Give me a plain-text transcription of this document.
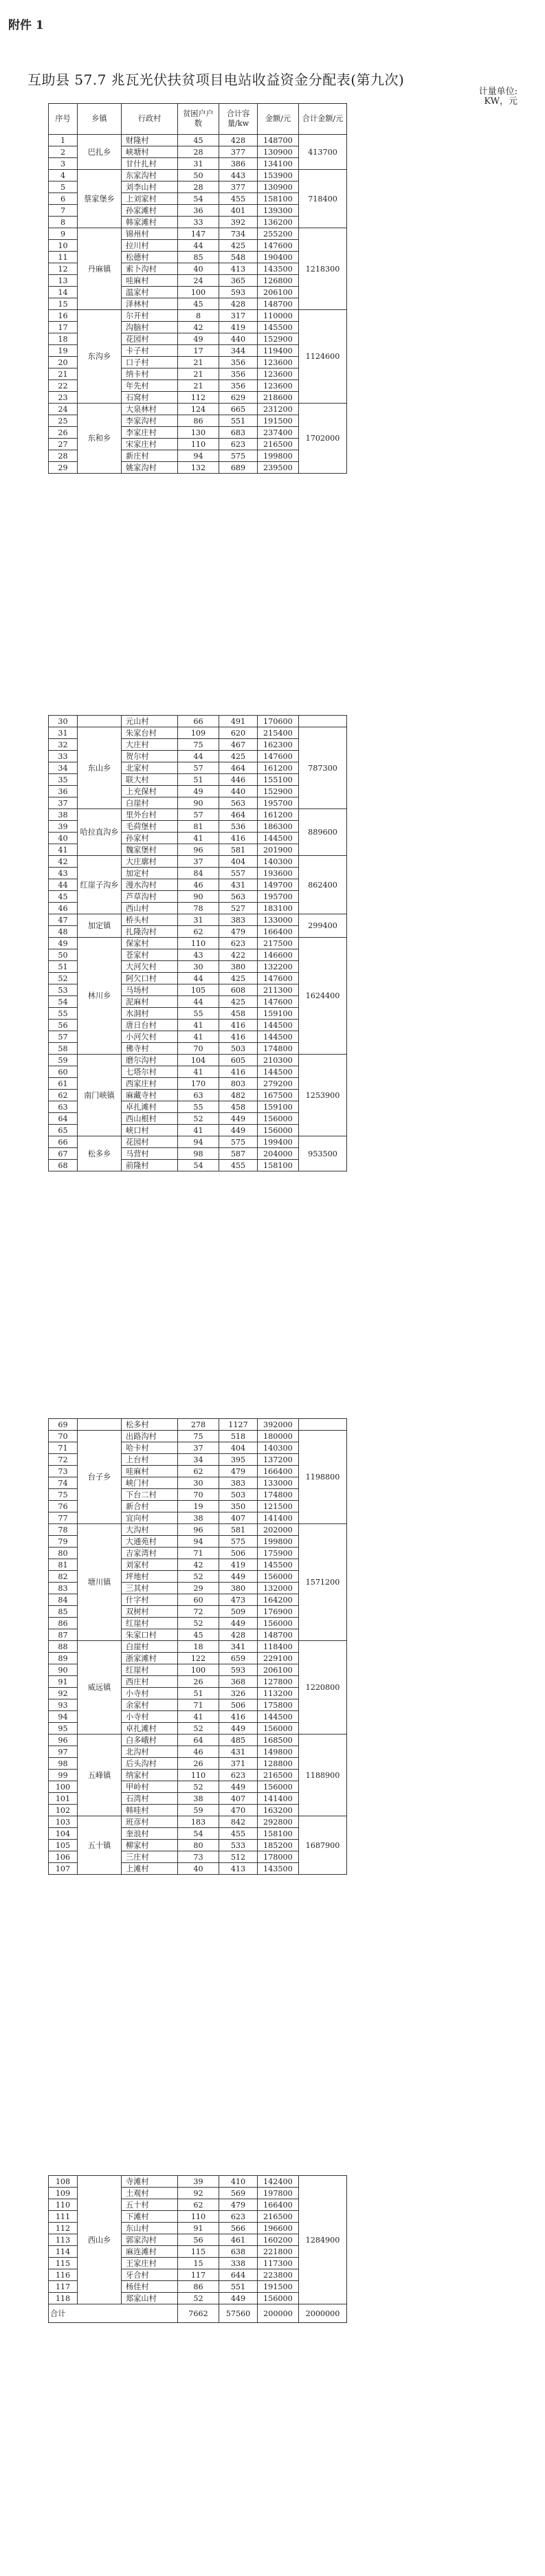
附件 1
互助县 57.7 兆瓦光伏扶贫项目电站收益资金分配表(第九次)
计量单位:
KW，元
序号	乡镇	行政村	贫困户户数	合计容量/kw	金额/元	合计金额/元
1	巴扎乡	财隆村	45	428	148700	413700
2		峡塘村	28	377	130900	
3		甘什扎村	31	386	134100	
4	蔡家堡乡	东家沟村	50	443	153900	718400
5		刘李山村	28	377	130900	
6		上刘家村	54	455	158100	
7		孙家滩村	36	401	139300	
8		韩家滩村	33	392	136200	
9	丹麻镇	锦州村	147	734	255200	1218300
10		拉川村	44	425	147600	
11		松德村	85	548	190400	
12		索卜沟村	40	413	143500	
13		哇麻村	24	365	126800	
14		温家村	100	593	206100	
15		泽林村	45	428	148700	
16	东沟乡	尔开村	8	317	110000	1124600
17		沟脑村	42	419	145500	
18		花园村	49	440	152900	
19		卡子村	17	344	119400	
20		口子村	21	356	123600	
21		纳卡村	21	356	123600	
22		年先村	21	356	123600	
23		石窝村	112	629	218600	
24	东和乡	大泉林村	124	665	231200	1702000
25		李家沟村	86	551	191500	
26		李家庄村	130	683	237400	
27		宋家庄村	110	623	216500	
28		新庄村	94	575	199800	
29		姚家沟村	132	689	239500	
30		元山村	66	491	170600	
31	东山乡	朱家台村	109	620	215400	787300
32		大庄村	75	467	162300	
33		贺尔村	44	425	147600	
34		北家村	57	464	161200	
35		联大村	51	446	155100	
36		上充保村	49	440	152900	
37		白崖村	90	563	195700	
38	哈拉直沟乡	里外台村	57	464	161200	889600
39		毛荷堡村	81	536	186300	
40		孙家村	41	416	144500	
41		魏家堡村	96	581	201900	
42	红崖子沟乡	大庄廓村	37	404	140300	862400
43		加定村	84	557	193600	
44		漫水沟村	46	431	149700	
45		芦草沟村	90	563	195700	
46		西山村	78	527	183100	
47	加定镇	桥头村	31	383	133000	299400
48		扎隆沟村	62	479	166400	
49	林川乡	保家村	110	623	217500	1624400
50		苍家村	43	422	146600	
51		大河欠村	30	380	132200	
52		阿欠口村	44	425	147600	
53		马场村	105	608	211300	
54		泥麻村	44	425	147600	
55		水洞村	55	458	159100	
56		唐日台村	41	416	144500	
57		小河欠村	41	416	144500	
58		佛寺村	70	503	174800	
59	南门峡镇	磨尔沟村	104	605	210300	1253900
60		七塔尔村	41	416	144500	
61		西家庄村	170	803	279200	
62		麻藏寺村	63	482	167500	
63		卓扎滩村	55	458	159100	
64		西山根村	52	449	156000	
65		峡口村	41	449	156000	
66	松多乡	花园村	94	575	199400	953500
67		马营村	98	587	204000	
68		前隆村	54	455	158100	
69		松多村	278	1127	392000	
70	台子乡	出路沟村	75	518	180000	1198800
71		哈卡村	37	404	140300	
72		上台村	34	395	137200	
73		哇麻村	62	479	166400	
74		峡门村	30	383	133000	
75		下台二村	70	503	174800	
76		新合村	19	350	121500	
77		宜向村	38	407	141400	
78	塘川镇	大沟村	96	581	202000	1571200
79		大通苑村	94	575	199800	
80		吉家湾村	71	506	175900	
81		刘家村	42	419	145500	
82		坪地村	52	449	156000	
83		三其村	29	380	132000	
84		什字村	60	473	164200	
85		双树村	72	509	176900	
86		红崖村	52	449	156000	
87		朱家口村	45	428	148700	
88	威远镇	白崖村	18	341	118400	1220800
89		浙家滩村	122	659	229100	
90		红崖村	100	593	206100	
91		西庄村	26	368	127800	
92		小寺村	51	326	113200	
93		余家村	71	506	175800	
94		小寺村	41	416	144500	
95		卓扎滩村	52	449	156000	
96	五峰镇	白多峨村	64	485	168500	1188900
97		北沟村	46	431	149800	
98		后头沟村	26	371	128800	
99		纳家村	110	623	216500	
100		甲岭村	52	449	156000	
101		石湾村	38	407	141400	
102		韩哇村	59	470	163200	
103	五十镇	班彦村	183	842	292800	1687900
104		奎浪村	54	455	158100	
105		柳家村	80	533	185200	
106		三庄村	73	512	178000	
107		上滩村	40	413	143500	
108	西山乡	寺滩村	39	410	142400	1284900
109		土观村	92	569	197800	
110		五十村	62	479	166400	
111		下滩村	110	623	216500	
112		东山村	91	566	196600	
113		郭家沟村	56	461	160200	
114		麻连滩村	115	638	221800	
115		王家庄村	15	338	117300	
116		牙合村	117	644	223800	
117		杨佳村	86	551	191500	
118		郑家山村	52	449	156000	
合计			7662	57560	200000	2000000
